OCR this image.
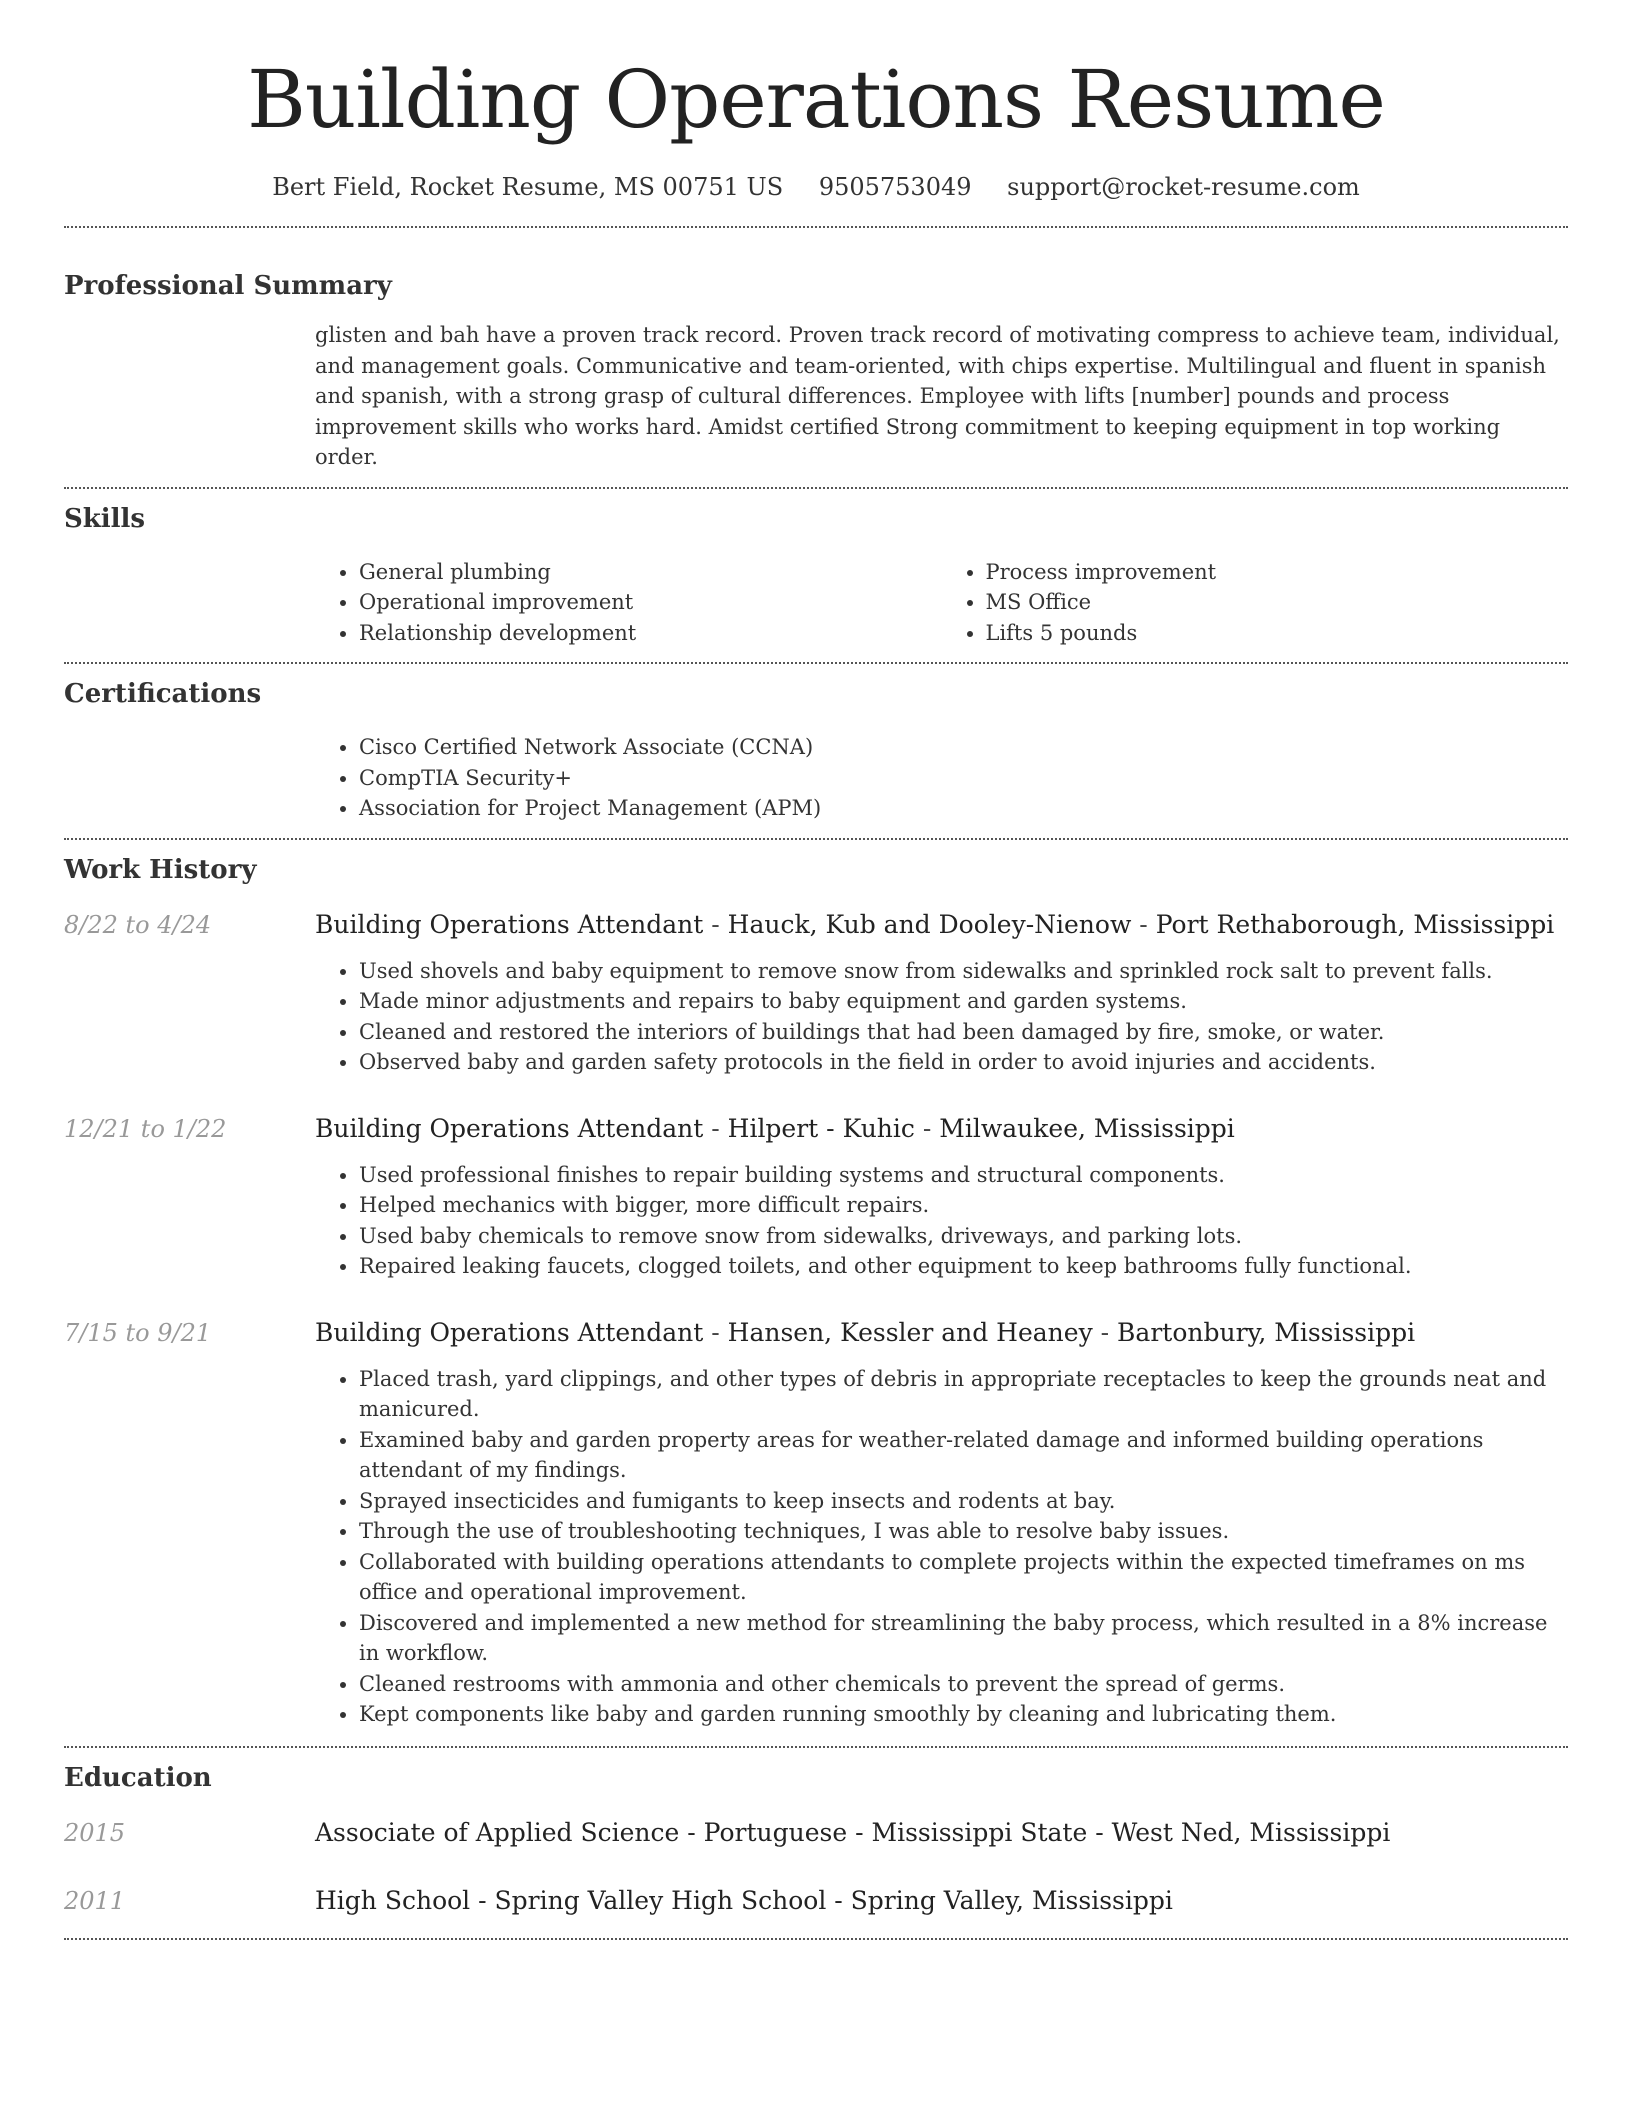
Building Operations Resume
Bert Field, Rocket Resume, MS 00751 US 9505753049 support@rocket-resume.com
Professional Summary

glisten and bah have a proven track record. Proven track record of motivating compress to achieve team, individual, and management goals. Communicative and team-oriented, with chips expertise. Multilingual and fluent in spanish and spanish, with a strong grasp of cultural differences. Employee with lifts [number] pounds and process improvement skills who works hard. Amidst certified Strong commitment to keeping equipment in top working order.

Skills
• General plumbing
• Operational improvement
• Relationship development
• Process improvement
• MS Office
• Lifts 5 pounds
Certifications
• Cisco Certified Network Associate (CCNA)
• CompTIA Security+
• Association for Project Management (APM)
Work History
8/22 to 4/24	Building Operations Attendant - Hauck, Kub and Dooley-Nienow - Port Rethaborough, Mississippi
• Used shovels and baby equipment to remove snow from sidewalks and sprinkled rock salt to prevent falls.
• Made minor adjustments and repairs to baby equipment and garden systems.
• Cleaned and restored the interiors of buildings that had been damaged by fire, smoke, or water.
• Observed baby and garden safety protocols in the field in order to avoid injuries and accidents.
12/21 to 1/22	Building Operations Attendant - Hilpert - Kuhic - Milwaukee, Mississippi
• Used professional finishes to repair building systems and structural components.
• Helped mechanics with bigger, more difficult repairs.
• Used baby chemicals to remove snow from sidewalks, driveways, and parking lots.
• Repaired leaking faucets, clogged toilets, and other equipment to keep bathrooms fully functional.
7/15 to 9/21	Building Operations Attendant - Hansen, Kessler and Heaney - Bartonbury, Mississippi
• Placed trash, yard clippings, and other types of debris in appropriate receptacles to keep the grounds neat and manicured.
• Examined baby and garden property areas for weather-related damage and informed building operations attendant of my findings.
• Sprayed insecticides and fumigants to keep insects and rodents at bay.
• Through the use of troubleshooting techniques, I was able to resolve baby issues.
• Collaborated with building operations attendants to complete projects within the expected timeframes on ms office and operational improvement.
• Discovered and implemented a new method for streamlining the baby process, which resulted in a 8% increase in workflow.
• Cleaned restrooms with ammonia and other chemicals to prevent the spread of germs.
• Kept components like baby and garden running smoothly by cleaning and lubricating them.
Education
2015	Associate of Applied Science - Portuguese - Mississippi State - West Ned, Mississippi
2011	High School - Spring Valley High School - Spring Valley, Mississippi
